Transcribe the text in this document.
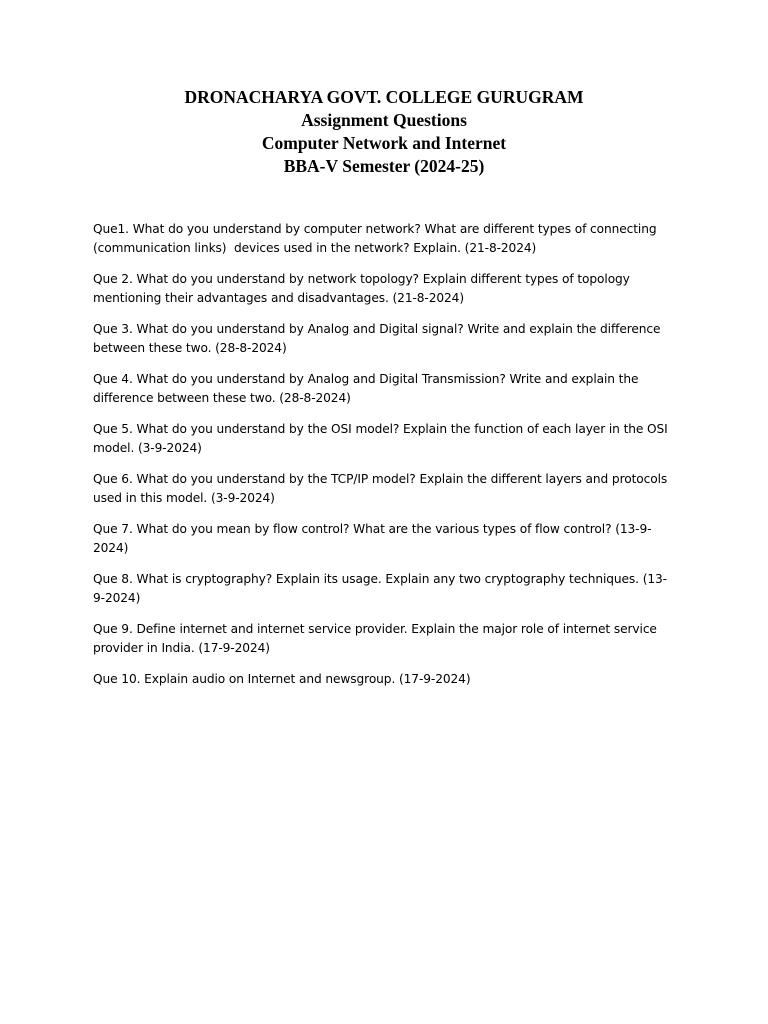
DRONACHARYA GOVT. COLLEGE GURUGRAM
Assignment Questions
Computer Network and Internet
BBA-V Semester (2024-25)

Que1. What do you understand by computer network? What are different types of connecting (communication links)  devices used in the network? Explain. (21-8-2024)

Que 2. What do you understand by network topology? Explain different types of topology mentioning their advantages and disadvantages. (21-8-2024)

Que 3. What do you understand by Analog and Digital signal? Write and explain the difference between these two. (28-8-2024)

Que 4. What do you understand by Analog and Digital Transmission? Write and explain the difference between these two. (28-8-2024)

Que 5. What do you understand by the OSI model? Explain the function of each layer in the OSI model. (3-9-2024)

Que 6. What do you understand by the TCP/IP model? Explain the different layers and protocols used in this model. (3-9-2024)

Que 7. What do you mean by flow control? What are the various types of flow control? (13-9-2024)

Que 8. What is cryptography? Explain its usage. Explain any two cryptography techniques. (13-9-2024)

Que 9. Define internet and internet service provider. Explain the major role of internet service provider in India. (17-9-2024)

Que 10. Explain audio on Internet and newsgroup. (17-9-2024)
